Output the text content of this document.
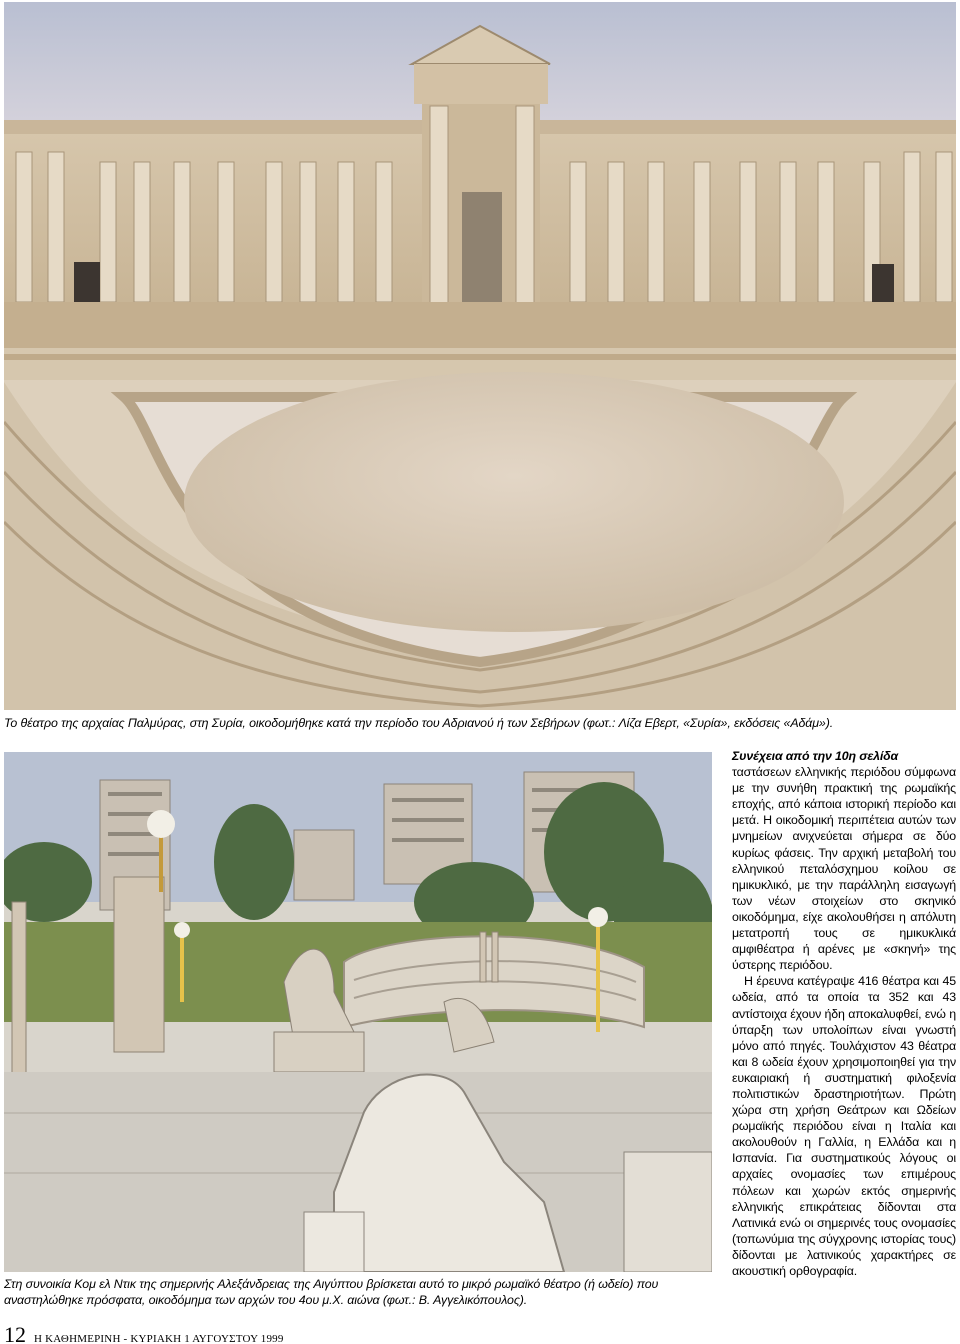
Το θέατρο της αρχαίας Παλμύρας, στη Συρία, οικοδομήθηκε κατά την περίοδο του Αδριανού ή των Σεβήρων (φωτ.: Λίζα Εβερτ, «Συρία», εκδόσεις «Αδάμ»).
Στη συνοικία Κομ ελ Ντικ της σημερινής Αλεξάνδρειας της Αιγύπτου βρίσκεται αυτό το μικρό ρωμαϊκό θέατρο (ή ωδείο) που αναστηλώθηκε πρόσφατα, οικοδόμημα των αρχών του 4ου μ.Χ. αιώνα (φωτ.: Β. Αγγελικόπουλος).
Συνέχεια από την 10η σελίδα

ταστάσεων ελληνικής περιόδου σύμφωνα με την συνήθη πρακτική της ρωμαϊκής εποχής, από κάποια ιστορική περίοδο και μετά. Η οικοδομική περιπέτεια αυτών των μνημείων ανιχνεύεται σήμερα σε δύο κυρίως φάσεις. Την αρχική μεταβολή του ελληνικού πεταλόσχημου κοίλου σε ημικυκλικό, με την παράλληλη εισαγωγή των νέων στοιχείων στο σκηνικό οικοδόμημα, είχε ακολουθήσει η απόλυτη μετατροπή τους σε ημικυκλικά αμφιθέατρα ή αρένες με «σκηνή» της ύστερης περιόδου.

Η έρευνα κατέγραψε 416 θέατρα και 45 ωδεία, από τα οποία τα 352 και 43 αντίστοιχα έχουν ήδη αποκαλυφθεί, ενώ η ύπαρξη των υπολοίπων είναι γνωστή μόνο από πηγές. Τουλάχιστον 43 θέατρα και 8 ωδεία έχουν χρησιμοποιηθεί για την ευκαιριακή ή συστηματική φιλοξενία πολιτιστικών δραστηριοτήτων. Πρώτη χώρα στη χρήση Θεάτρων και Ωδείων ρωμαϊκής περιόδου είναι η Ιταλία και ακολουθούν η Γαλλία, η Ελλάδα και η Ισπανία. Για συστηματικούς λόγους οι αρχαίες ονομασίες των επιμέρους πόλεων και χωρών εκτός σημερινής ελληνικής επικράτειας δίδονται στα Λατινικά ενώ οι σημερινές τους ονομασίες (τοπωνύμια της σύγχρονης ιστορίας τους) δίδονται με λατινικούς χαρακτήρες σε ακουστική ορθογραφία.

12 Η ΚΑΘΗΜΕΡΙΝΗ - ΚΥΡΙΑΚΗ 1 ΑΥΓΟΥΣΤΟΥ 1999
